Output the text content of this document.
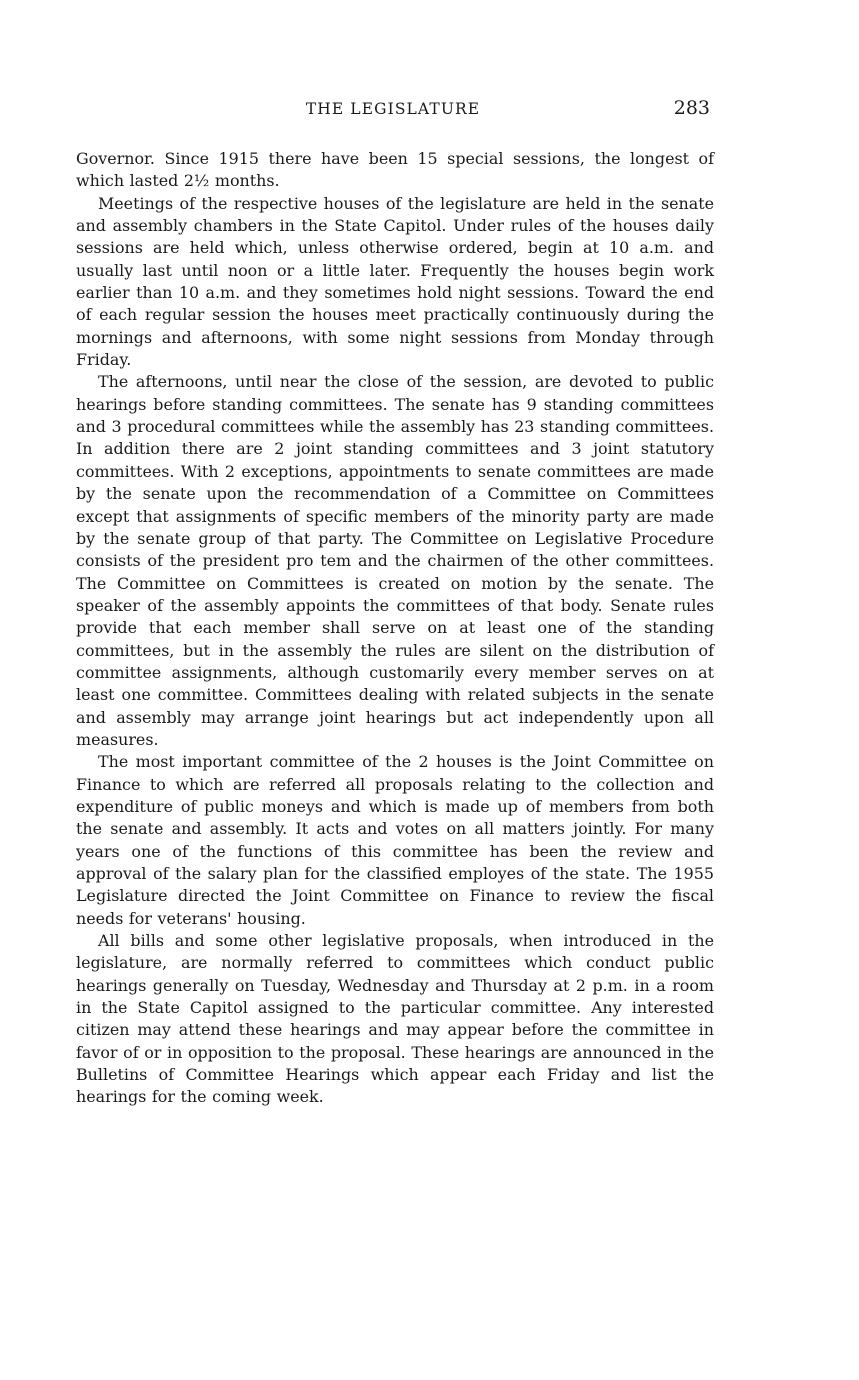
THE LEGISLATURE	283

Governor. Since 1915 there have been 15 special sessions, the longest of which lasted 2½ months.

Meetings of the respective houses of the legislature are held in the senate and assembly chambers in the State Capitol. Under rules of the houses daily sessions are held which, unless otherwise ordered, begin at 10 a.m. and usually last until noon or a little later. Frequently the houses begin work earlier than 10 a.m. and they sometimes hold night sessions. Toward the end of each regular session the houses meet practically continuously during the mornings and afternoons, with some night sessions from Monday through Friday.

The afternoons, until near the close of the session, are devoted to public hearings before standing committees. The senate has 9 standing committees and 3 procedural committees while the assembly has 23 standing committees. In addition there are 2 joint standing committees and 3 joint statutory committees. With 2 exceptions, appointments to senate committees are made by the senate upon the recommendation of a Committee on Committees except that assignments of specific members of the minority party are made by the senate group of that party. The Committee on Legislative Procedure consists of the president pro tem and the chairmen of the other committees. The Committee on Committees is created on motion by the senate. The speaker of the assembly appoints the committees of that body. Senate rules provide that each member shall serve on at least one of the standing committees, but in the assembly the rules are silent on the distribution of committee assignments, although customarily every member serves on at least one committee. Committees dealing with related subjects in the senate and assembly may arrange joint hearings but act independently upon all measures.

The most important committee of the 2 houses is the Joint Committee on Finance to which are referred all proposals relating to the collection and expenditure of public moneys and which is made up of members from both the senate and assembly. It acts and votes on all matters jointly. For many years one of the functions of this committee has been the review and approval of the salary plan for the classified employes of the state. The 1955 Legislature directed the Joint Committee on Finance to review the fiscal needs for veterans' housing.

All bills and some other legislative proposals, when introduced in the legislature, are normally referred to committees which conduct public hearings generally on Tuesday, Wednesday and Thursday at 2 p.m. in a room in the State Capitol assigned to the particular committee. Any interested citizen may attend these hearings and may appear before the committee in favor of or in opposition to the proposal. These hearings are announced in the Bulletins of Committee Hearings which appear each Friday and list the hearings for the coming week.
